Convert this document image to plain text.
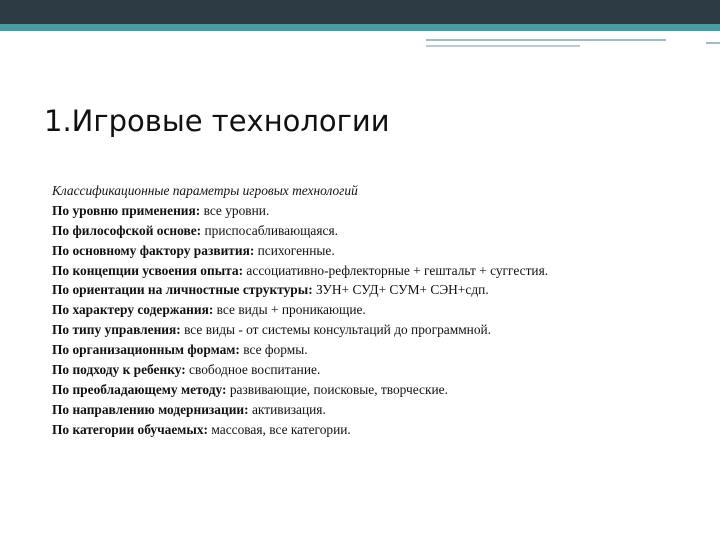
1.Игровые технологии
Классификационные параметры игровых технологий
По уровню применения: все уровни.
По философской основе: приспосабливающаяся.
По основному фактору развития: психогенные.
По концепции усвоения опыта: ассоциативно-рефлекторные + гештальт + суггестия.
По ориентации на личностные структуры: ЗУН+ СУД+ СУМ+ СЭН+сдп.
По характеру содержания: все виды + проникающие.
По типу управления: все виды - от системы консультаций до программной.
По организационным формам: все формы.
По подходу к ребенку: свободное воспитание.
По преобладающему методу: развивающие, поисковые, творческие.
По направлению модернизации: активизация.
По категории обучаемых: массовая, все категории.
